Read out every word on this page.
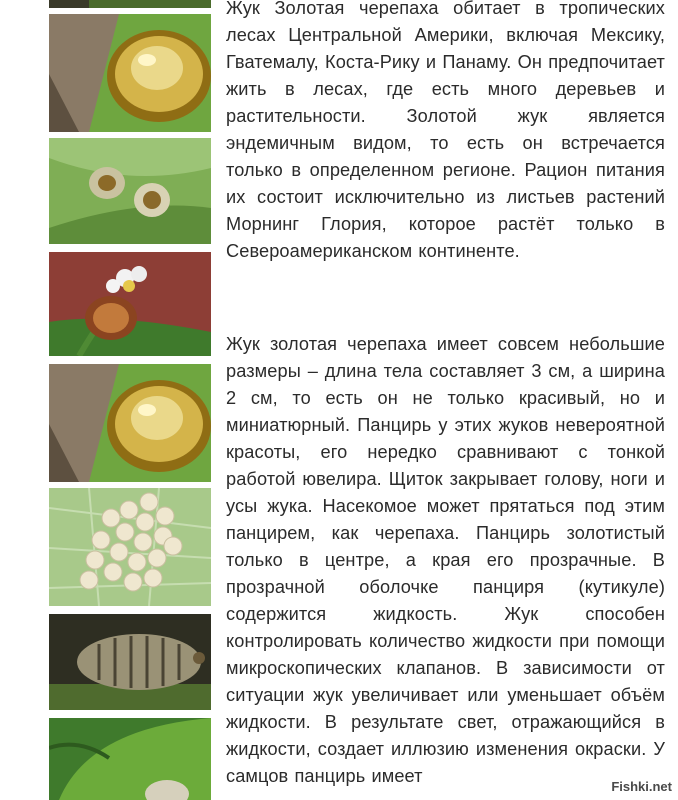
Жук Золотая черепаха обитает в тропических лесах Центральной Америки, включая Мексику, Гватемалу, Коста-Рику и Панаму. Он предпочитает жить в лесах, где есть много деревьев и растительности. Золотой жук является эндемичным видом, то есть он встречается только в определенном регионе. Рацион питания их состоит исключительно из листьев растений Морнинг Глория, которое растёт только в Североамериканском континенте.

Жук золотая черепаха имеет совсем небольшие размеры – длина тела составляет 3 см, а ширина 2 см, то есть он не только красивый, но и миниатюрный. Панцирь у этих жуков невероятной красоты, его нередко сравнивают с тонкой работой ювелира. Щиток закрывает голову, ноги и усы жука. Насекомое может прятаться под этим панцирем, как черепаха. Панцирь золотистый только в центре, а края его прозрачные. В прозрачной оболочке панциря (кутикуле) содержится жидкость. Жук способен контролировать количество жидкости при помощи микроскопических клапанов. В зависимости от ситуации жук увеличивает или уменьшает объём жидкости. В результате свет, отражающийся в жидкости, создает иллюзию изменения окраски. У самцов панцирь имеет

Fishki.net
